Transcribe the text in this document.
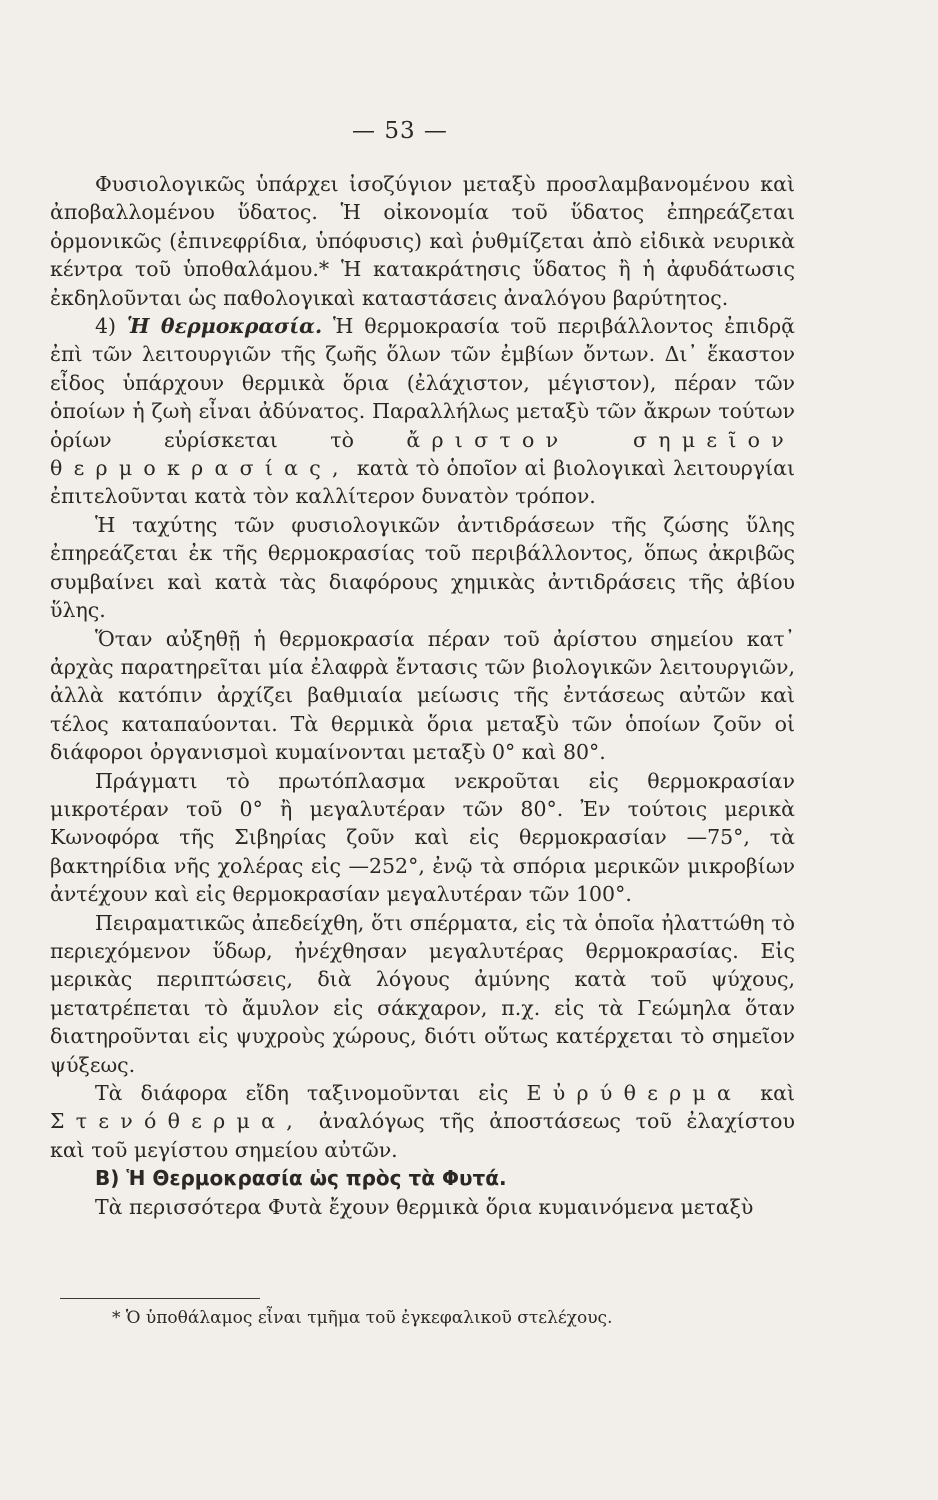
— 53 —

Φυσιολογικῶς ὑπάρχει ἰσοζύγιον μεταξὺ προσλαμβανομένου καὶ ἀποβαλλομένου ὕδατος. Ἡ οἰκονομία τοῦ ὕδατος ἐπηρεάζεται ὁρμονικῶς (ἐπινεφρίδια, ὑπόφυσις) καὶ ῥυθμίζεται ἀπὸ εἰδικὰ νευρικὰ κέντρα τοῦ ὑποθαλάμου.* Ἡ κατακράτησις ὕδατος ἢ ἡ ἀφυδάτωσις ἐκδηλοῦνται ὡς παθολογικαὶ καταστάσεις ἀναλόγου βαρύτητος.

4) Ἡ θερμοκρασία. Ἡ θερμοκρασία τοῦ περιβάλλοντος ἐπιδρᾷ ἐπὶ τῶν λειτουργιῶν τῆς ζωῆς ὅλων τῶν ἐμβίων ὄντων. Δι᾽ ἕκαστον εἶδος ὑπάρχουν θερμικὰ ὅρια (ἐλάχιστον, μέγιστον), πέραν τῶν ὁποίων ἡ ζωὴ εἶναι ἀδύνατος. Παραλλήλως μεταξὺ τῶν ἄκρων τούτων ὁρίων εὑρίσκεται τὸ	ἄριστον σημεῖον θερμοκρασίας, κατὰ τὸ ὁποῖον αἱ βιολογικαὶ λειτουργίαι ἐπιτελοῦνται κατὰ τὸν καλλίτερον δυνατὸν τρόπον.

Ἡ ταχύτης τῶν φυσιολογικῶν ἀντιδράσεων τῆς ζώσης ὕλης ἐπηρεάζεται ἐκ τῆς θερμοκρασίας τοῦ περιβάλλοντος, ὅπως ἀκριβῶς συμβαίνει καὶ κατὰ τὰς διαφόρους χημικὰς ἀντιδράσεις τῆς ἀβίου ὕλης.

Ὅταν αὐξηθῇ ἡ θερμοκρασία πέραν τοῦ ἀρίστου σημείου κατ᾽ ἀρχὰς παρατηρεῖται μία ἐλαφρὰ ἔντασις τῶν βιολογικῶν λειτουργιῶν, ἀλλὰ κατόπιν ἀρχίζει βαθμιαία μείωσις τῆς ἐντάσεως αὐτῶν καὶ τέλος καταπαύονται. Τὰ θερμικὰ ὅρια μεταξὺ τῶν ὁποίων ζοῦν οἱ διάφοροι ὀργανισμοὶ κυμαίνονται μεταξὺ 0° καὶ 80°.

Πράγματι τὸ πρωτόπλασμα νεκροῦται εἰς θερμοκρασίαν μικροτέραν τοῦ 0° ἢ μεγαλυτέραν τῶν 80°. Ἐν τούτοις μερικὰ Κωνοφόρα τῆς Σιβηρίας ζοῦν καὶ εἰς θερμοκρασίαν —75°, τὰ βακτηρίδια νῆς χολέρας εἰς —252°, ἐνῷ τὰ σπόρια μερικῶν μικροβίων ἀντέχουν καὶ εἰς θερμοκρασίαν μεγαλυτέραν τῶν 100°.

Πειραματικῶς ἀπεδείχθη, ὅτι σπέρματα, εἰς τὰ ὁποῖα ἠλαττώθη τὸ περιεχόμενον ὕδωρ, ἠνέχθησαν μεγαλυτέρας θερμοκρασίας. Εἰς μερικὰς περιπτώσεις, διὰ λόγους ἀμύνης κατὰ τοῦ ψύχους, μετατρέπεται τὸ ἄμυλον εἰς σάκχαρον, π.χ. εἰς τὰ Γεώμηλα ὅταν διατηροῦνται εἰς ψυχροὺς χώρους, διότι οὕτως κατέρχεται τὸ σημεῖον ψύξεως.

Τὰ διάφορα εἴδη ταξινομοῦνται εἰς Εὐρύθερμα καὶ Στενόθερμα, ἀναλόγως τῆς ἀποστάσεως τοῦ ἐλαχίστου καὶ τοῦ μεγίστου σημείου αὐτῶν.

Β) Ἡ Θερμοκρασία ὡς πρὸς τὰ Φυτά.

Τὰ περισσότερα Φυτὰ ἔχουν θερμικὰ ὅρια κυμαινόμενα μεταξὺ

* Ὁ ὑποθάλαμος εἶναι τμῆμα τοῦ ἐγκεφαλικοῦ στελέχους.
